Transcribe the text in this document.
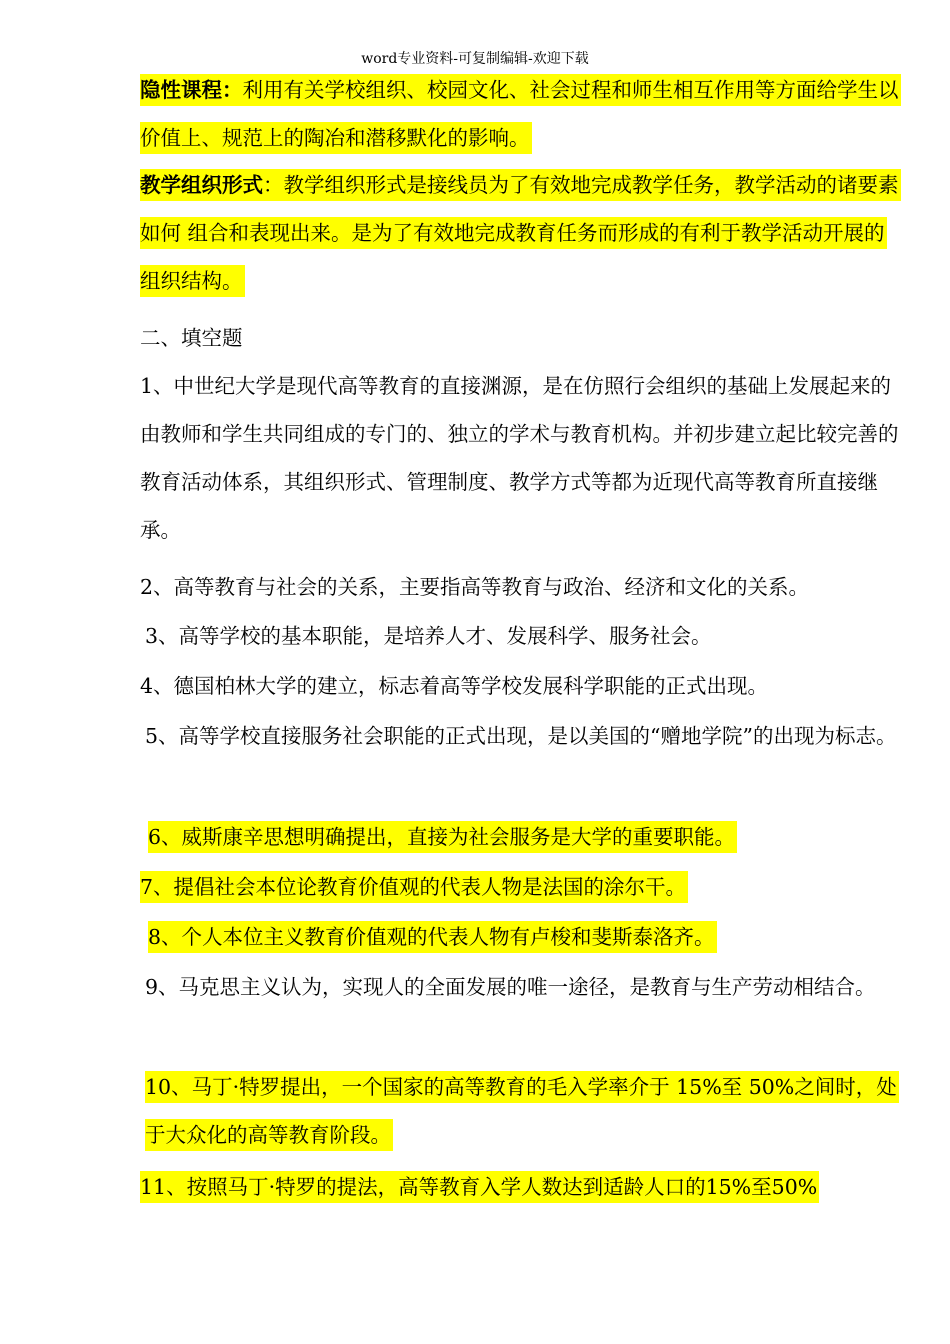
word专业资料-可复制编辑-欢迎下载

隐性课程：利用有关学校组织、校园文化、社会过程和师生相互作用等方面给学生以价值上、规范上的陶冶和潜移默化的影响。

教学组织形式：教学组织形式是接线员为了有效地完成教学任务，教学活动的诸要素如何 组合和表现出来。是为了有效地完成教育任务而形成的有利于教学活动开展的组织结构。

二、填空题

1、中世纪大学是现代高等教育的直接渊源，是在仿照行会组织的基础上发展起来的由教师和学生共同组成的专门的、独立的学术与教育机构。并初步建立起比较完善的教育活动体系，其组织形式、管理制度、教学方式等都为近现代高等教育所直接继承。

2、高等教育与社会的关系，主要指高等教育与政治、经济和文化的关系。

3、高等学校的基本职能，是培养人才、发展科学、服务社会。

4、德国柏林大学的建立，标志着高等学校发展科学职能的正式出现。

5、高等学校直接服务社会职能的正式出现，是以美国的“赠地学院”的出现为标志。

6、威斯康辛思想明确提出，直接为社会服务是大学的重要职能。

7、提倡社会本位论教育价值观的代表人物是法国的涂尔干。

8、个人本位主义教育价值观的代表人物有卢梭和斐斯泰洛齐。

9、马克思主义认为，实现人的全面发展的唯一途径，是教育与生产劳动相结合。

10、马丁·特罗提出，一个国家的高等教育的毛入学率介于 15%至 50%之间时，处于大众化的高等教育阶段。

11、按照马丁·特罗的提法，高等教育入学人数达到适龄人口的15%至50%
